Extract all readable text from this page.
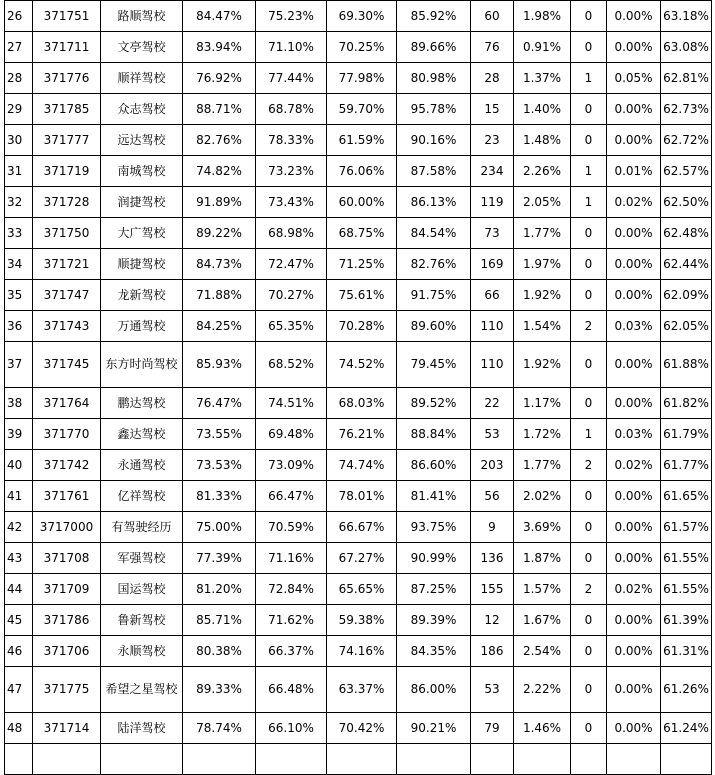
26	371751	路顺驾校	84.47%	75.23%	69.30%	85.92%	60	1.98%	0	0.00%	63.18%
27	371711	文亭驾校	83.94%	71.10%	70.25%	89.66%	76	0.91%	0	0.00%	63.08%
28	371776	顺祥驾校	76.92%	77.44%	77.98%	80.98%	28	1.37%	1	0.05%	62.81%
29	371785	众志驾校	88.71%	68.78%	59.70%	95.78%	15	1.40%	0	0.00%	62.73%
30	371777	远达驾校	82.76%	78.33%	61.59%	90.16%	23	1.48%	0	0.00%	62.72%
31	371719	南城驾校	74.82%	73.23%	76.06%	87.58%	234	2.26%	1	0.01%	62.57%
32	371728	润捷驾校	91.89%	73.43%	60.00%	86.13%	119	2.05%	1	0.02%	62.50%
33	371750	大广驾校	89.22%	68.98%	68.75%	84.54%	73	1.77%	0	0.00%	62.48%
34	371721	顺捷驾校	84.73%	72.47%	71.25%	82.76%	169	1.97%	0	0.00%	62.44%
35	371747	龙新驾校	71.88%	70.27%	75.61%	91.75%	66	1.92%	0	0.00%	62.09%
36	371743	万通驾校	84.25%	65.35%	70.28%	89.60%	110	1.54%	2	0.03%	62.05%
37	371745	东方时尚驾校	85.93%	68.52%	74.52%	79.45%	110	1.92%	0	0.00%	61.88%
38	371764	鹏达驾校	76.47%	74.51%	68.03%	89.52%	22	1.17%	0	0.00%	61.82%
39	371770	鑫达驾校	73.55%	69.48%	76.21%	88.84%	53	1.72%	1	0.03%	61.79%
40	371742	永通驾校	73.53%	73.09%	74.74%	86.60%	203	1.77%	2	0.02%	61.77%
41	371761	亿祥驾校	81.33%	66.47%	78.01%	81.41%	56	2.02%	0	0.00%	61.65%
42	3717000	有驾驶经历	75.00%	70.59%	66.67%	93.75%	9	3.69%	0	0.00%	61.57%
43	371708	军强驾校	77.39%	71.16%	67.27%	90.99%	136	1.87%	0	0.00%	61.55%
44	371709	国运驾校	81.20%	72.84%	65.65%	87.25%	155	1.57%	2	0.02%	61.55%
45	371786	鲁新驾校	85.71%	71.62%	59.38%	89.39%	12	1.67%	0	0.00%	61.39%
46	371706	永顺驾校	80.38%	66.37%	74.16%	84.35%	186	2.54%	0	0.00%	61.31%
47	371775	希望之星驾校	89.33%	66.48%	63.37%	86.00%	53	2.22%	0	0.00%	61.26%
48	371714	陆洋驾校	78.74%	66.10%	70.42%	90.21%	79	1.46%	0	0.00%	61.24%
